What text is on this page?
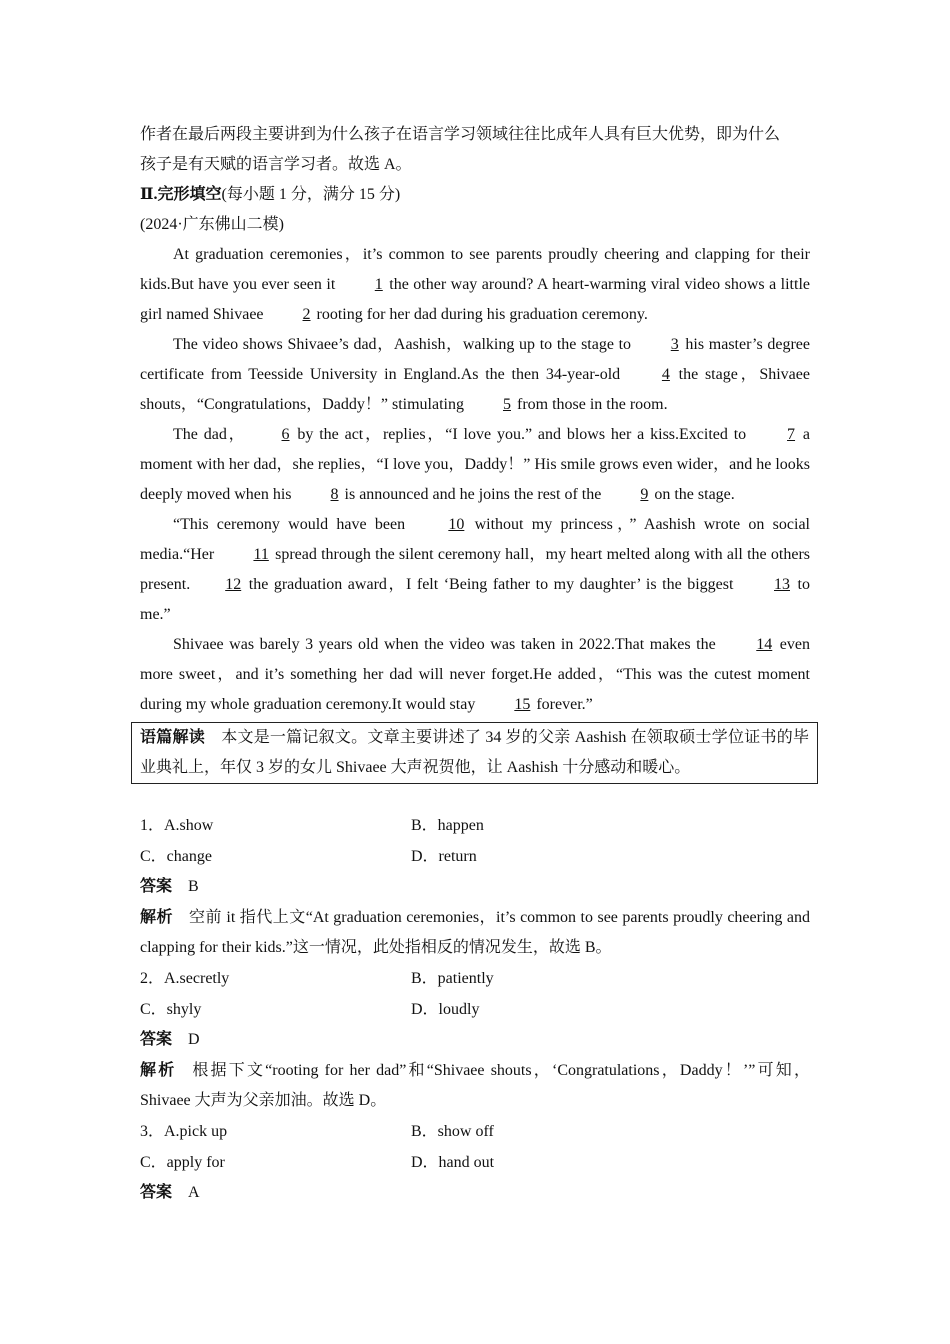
作者在最后两段主要讲到为什么孩子在语言学习领域往往比成年人具有巨大优势，即为什么

孩子是有天赋的语言学习者。故选 A。

Ⅱ.完形填空(每小题 1 分，满分 15 分)

(2024·广东佛山二模)

At graduation ceremonies，it’s common to see parents proudly cheering and clapping for their kids.But have you ever seen it 1 the other way around? A heart-warming viral video shows a little girl named Shivaee 2 rooting for her dad during his graduation ceremony.

The video shows Shivaee’s dad，Aashish，walking up to the stage to 3 his master’s degree certificate from Teesside University in England.As the then 34-year-old 4 the stage，Shivaee shouts，“Congratulations，Daddy！” stimulating 5 from those in the room.

The dad， 6 by the act，replies，“I love you.” and blows her a kiss.Excited to 7 a moment with her dad，she replies，“I love you，Daddy！” His smile grows even wider，and he looks deeply moved when his 8 is announced and he joins the rest of the 9 on the stage.

“This ceremony would have been 10 without my princess，” Aashish wrote on social media.“Her 11 spread through the silent ceremony hall，my heart melted along with all the others present. 12 the graduation award，I felt ‘Being father to my daughter’ is the biggest 13 to me.”

Shivaee was barely 3 years old when the video was taken in 2022.That makes the 14 even more sweet，and it’s something her dad will never forget.He added，“This was the cutest moment during my whole graduation ceremony.It would stay 15 forever.”

语篇解读　本文是一篇记叙文。文章主要讲述了 34 岁的父亲 Aashish 在领取硕士学位证书的毕业典礼上，年仅 3 岁的女儿 Shivaee 大声祝贺他，让 Aashish 十分感动和暖心。
1．A.show	B．happen
C．change	D．return
答案 B

解析 空前 it 指代上文“At graduation ceremonies，it’s common to see parents proudly cheering and clapping for their kids.”这一情况，此处指相反的情况发生，故选 B。

2．A.secretly	B．patiently
C．shyly	D．loudly
答案 D

解析 根据下文“rooting for her dad”和“Shivaee shouts，‘Congratulations，Daddy！’”可知，Shivaee 大声为父亲加油。故选 D。

3．A.pick up	B．show off
C．apply for	D．hand out
答案 A
